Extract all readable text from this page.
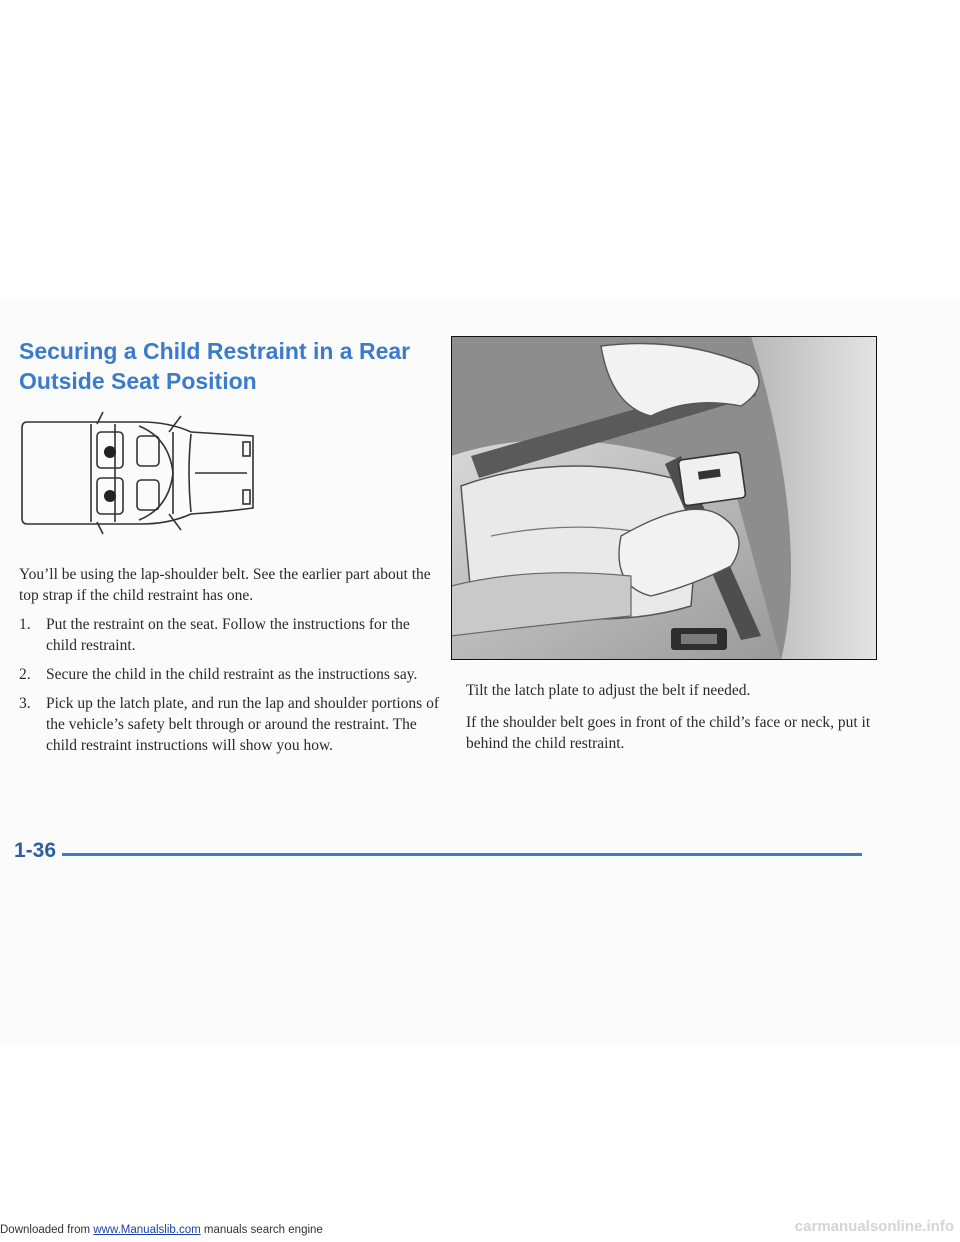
Securing a Child Restraint in a Rear Outside Seat Position

You’ll be using the lap-shoulder belt. See the earlier part about the top strap if the child restraint has one.

1. Put the restraint on the seat. Follow the instructions for the child restraint.
2. Secure the child in the child restraint as the instructions say.
3. Pick up the latch plate, and run the lap and shoulder portions of the vehicle’s safety belt through or around the restraint. The child restraint instructions will show you how.

Tilt the latch plate to adjust the belt if needed.

If the shoulder belt goes in front of the child’s face or neck, put it behind the child restraint.

1-36
Downloaded from www.Manualslib.com manuals search engine	carmanualsonline.info
